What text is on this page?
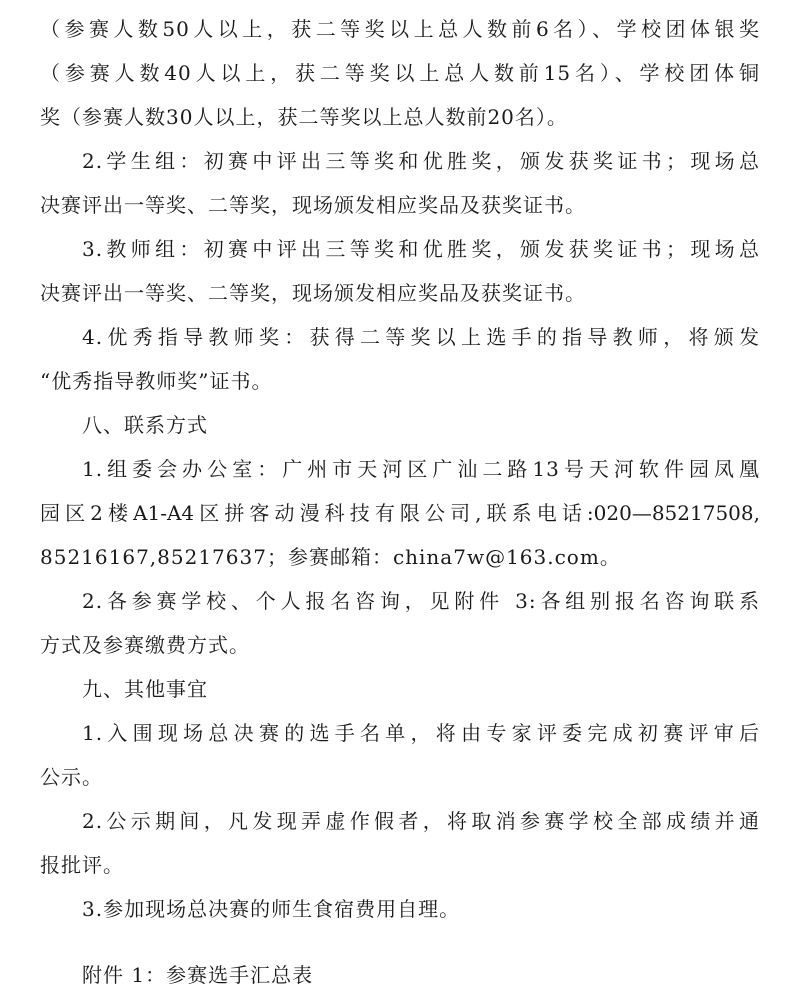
（参赛人数50人以上，获二等奖以上总人数前6名）、学校团体银奖
（参赛人数40人以上，获二等奖以上总人数前15名）、学校团体铜
奖（参赛人数30人以上，获二等奖以上总人数前20名）。
2.学生组：初赛中评出三等奖和优胜奖，颁发获奖证书；现场总
决赛评出一等奖、二等奖，现场颁发相应奖品及获奖证书。
3.教师组：初赛中评出三等奖和优胜奖，颁发获奖证书；现场总
决赛评出一等奖、二等奖，现场颁发相应奖品及获奖证书。
4.优秀指导教师奖：获得二等奖以上选手的指导教师，将颁发
“优秀指导教师奖”证书。
八、联系方式
1.组委会办公室：广州市天河区广汕二路13号天河软件园凤凰
园区2楼A1-A4区拼客动漫科技有限公司,联系电话:020—85217508,
85216167,85217637；参赛邮箱：china7w@163.com。
2.各参赛学校、个人报名咨询，见附件 3:各组别报名咨询联系
方式及参赛缴费方式。
九、其他事宜
1.入围现场总决赛的选手名单，将由专家评委完成初赛评审后
公示。
2.公示期间，凡发现弄虚作假者，将取消参赛学校全部成绩并通
报批评。
3.参加现场总决赛的师生食宿费用自理。
附件 1：参赛选手汇总表
